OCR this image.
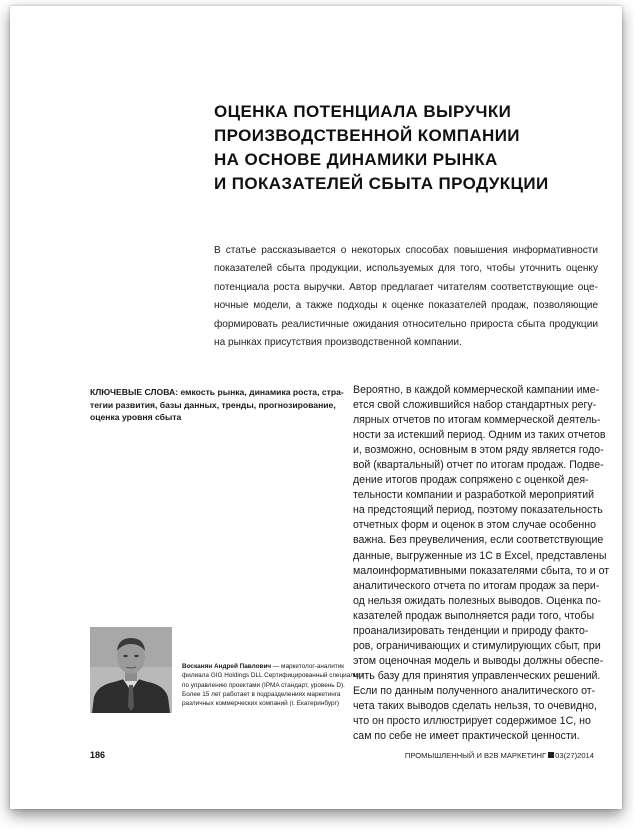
ОЦЕНКА ПОТЕНЦИАЛА ВЫРУЧКИ
ПРОИЗВОДСТВЕННОЙ КОМПАНИИ
НА ОСНОВЕ ДИНАМИКИ РЫНКА
И ПОКАЗАТЕЛЕЙ СБЫТА ПРОДУКЦИИ
В статье рассказывается о некоторых способах повышения информативности
показателей сбыта продукции, используемых для того, чтобы уточнить оценку
потенциала роста выручки. Автор предлагает читателям соответствующие оце-
ночные модели, а также подходы к оценке показателей продаж, позволяющие
формировать реалистичные ожидания относительно прироста сбыта продукции
на рынках присутствия производственной компании.
КЛЮЧЕВЫЕ СЛОВА: емкость рынка, динамика роста, стра-
тегии развития, базы данных, тренды, прогнозирование,
оценка уровня сбыта
Вероятно, в каждой коммерческой кампании име-
ется свой сложившийся набор стандартных регу-
лярных отчетов по итогам коммерческой деятель-
ности за истекший период. Одним из таких отчетов
и, возможно, основным в этом ряду является годо-
вой (квартальный) отчет по итогам продаж. Подве-
дение итогов продаж сопряжено с оценкой дея-
тельности компании и разработкой мероприятий
на предстоящий период, поэтому показательность
отчетных форм и оценок в этом случае особенно
важна. Без преувеличения, если соответствующие
данные, выгруженные из 1С в Excel, представлены
малоинформативными показателями сбыта, то и от
аналитического отчета по итогам продаж за пери-
од нельзя ожидать полезных выводов. Оценка по-
казателей продаж выполняется ради того, чтобы
проанализировать тенденции и природу факто-
ров, ограничивающих и стимулирующих сбыт, при
этом оценочная модель и выводы должны обеспе-
чить базу для принятия управленческих решений.
Если по данным полученного аналитического от-
чета таких выводов сделать нельзя, то очевидно,
что он просто иллюстрирует содержимое 1С, но
сам по себе не имеет практической ценности.
Восканян Андрей Павлович — маркетолог-аналитик
филиала GIG Holdings DLL Сертифицированный специалист
по управлению проектами (IPMA стандарт, уровень D).
Более 15 лет работает в подразделениях маркетинга
различных коммерческих компаний (г. Екатеринбург)
186	ПРОМЫШЛЕННЫЙ И B2B МАРКЕТИНГ 03(27)2014
